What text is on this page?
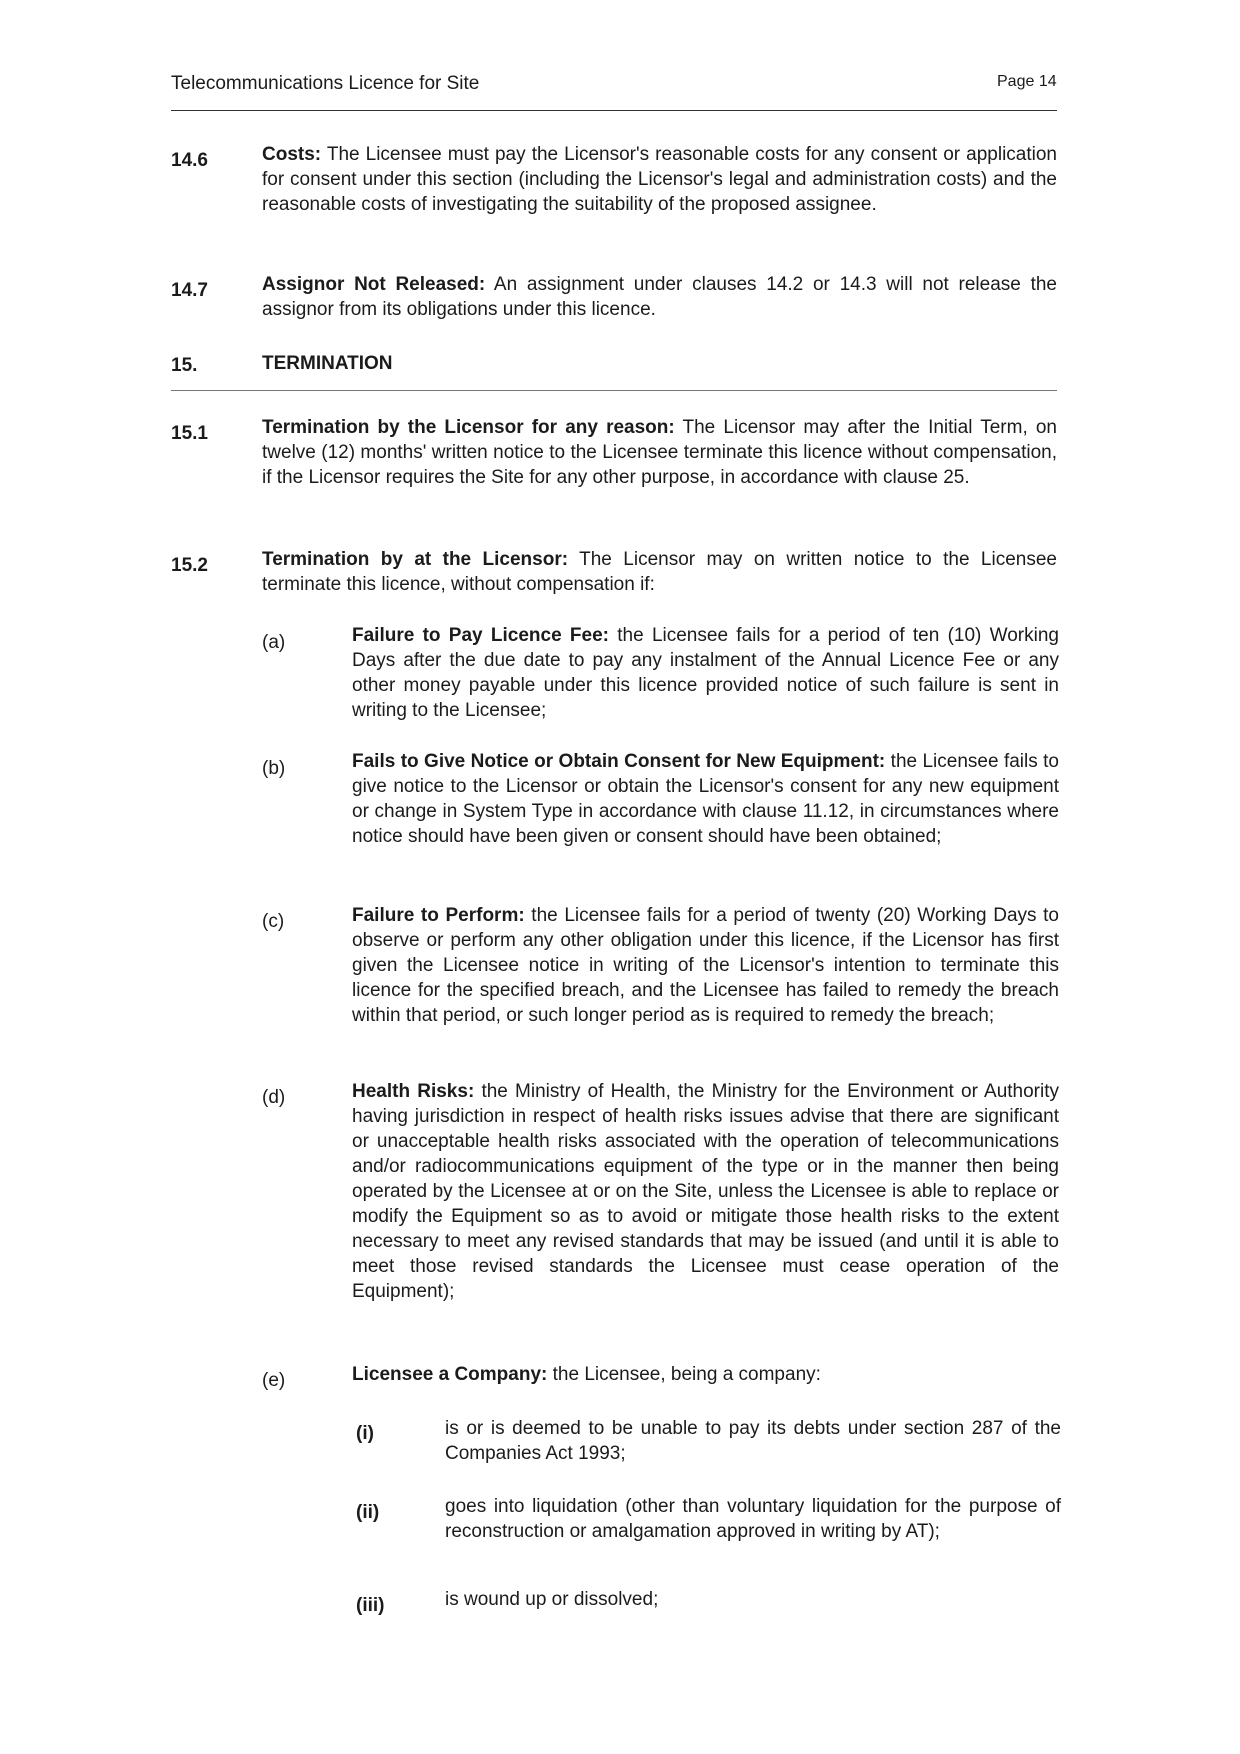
Telecommunications Licence for Site	Page 14
14.6	Costs: The Licensee must pay the Licensor's reasonable costs for any consent or application for consent under this section (including the Licensor's legal and administration costs) and the reasonable costs of investigating the suitability of the proposed assignee.
14.7	Assignor Not Released: An assignment under clauses 14.2 or 14.3 will not release the assignor from its obligations under this licence.
15.	TERMINATION
15.1	Termination by the Licensor for any reason: The Licensor may after the Initial Term, on twelve (12) months' written notice to the Licensee terminate this licence without compensation, if the Licensor requires the Site for any other purpose, in accordance with clause 25.
15.2	Termination by at the Licensor: The Licensor may on written notice to the Licensee terminate this licence, without compensation if:
(a)	Failure to Pay Licence Fee: the Licensee fails for a period of ten (10) Working Days after the due date to pay any instalment of the Annual Licence Fee or any other money payable under this licence provided notice of such failure is sent in writing to the Licensee;
(b)	Fails to Give Notice or Obtain Consent for New Equipment: the Licensee fails to give notice to the Licensor or obtain the Licensor's consent for any new equipment or change in System Type in accordance with clause 11.12, in circumstances where notice should have been given or consent should have been obtained;
(c)	Failure to Perform: the Licensee fails for a period of twenty (20) Working Days to observe or perform any other obligation under this licence, if the Licensor has first given the Licensee notice in writing of the Licensor's intention to terminate this licence for the specified breach, and the Licensee has failed to remedy the breach within that period, or such longer period as is required to remedy the breach;
(d)	Health Risks: the Ministry of Health, the Ministry for the Environment or Authority having jurisdiction in respect of health risks issues advise that there are significant or unacceptable health risks associated with the operation of telecommunications and/or radiocommunications equipment of the type or in the manner then being operated by the Licensee at or on the Site, unless the Licensee is able to replace or modify the Equipment so as to avoid or mitigate those health risks to the extent necessary to meet any revised standards that may be issued (and until it is able to meet those revised standards the Licensee must cease operation of the Equipment);
(e)	Licensee a Company: the Licensee, being a company:
(i)	is or is deemed to be unable to pay its debts under section 287 of the Companies Act 1993;
(ii)	goes into liquidation (other than voluntary liquidation for the purpose of reconstruction or amalgamation approved in writing by AT);
(iii)	is wound up or dissolved;
